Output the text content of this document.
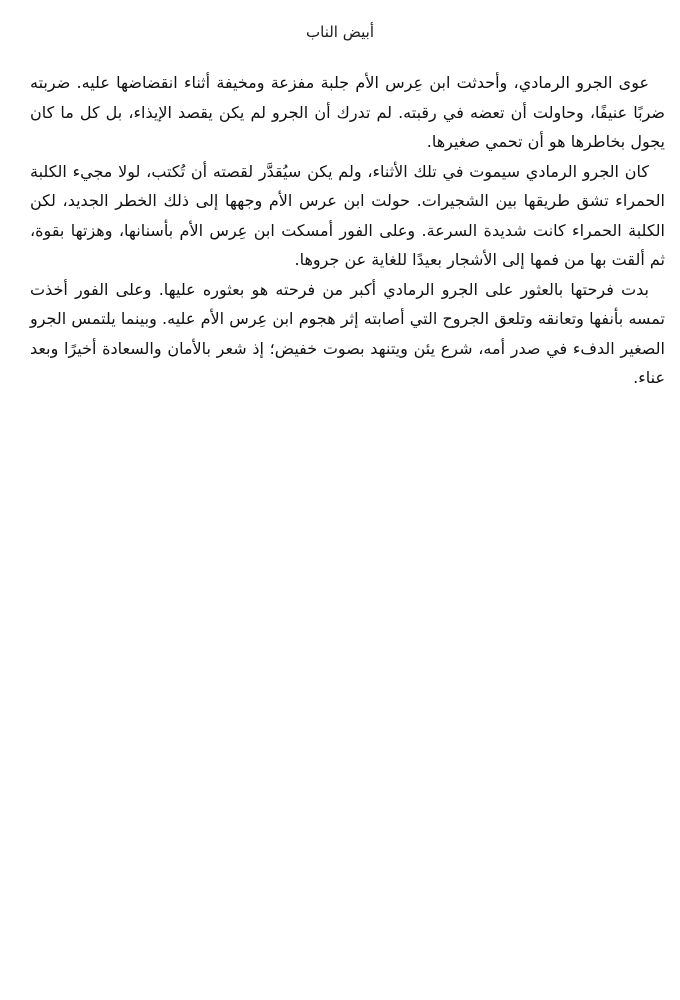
أبيض الناب

عوى الجرو الرمادي، وأحدثت ابن عِرس الأم جلبة مفزعة ومخيفة أثناء انقضاضها عليه. ضربته ضربًا عنيفًا، وحاولت أن تعضه في رقبته. لم تدرك أن الجرو لم يكن يقصد الإيذاء، بل كل ما كان يجول بخاطرها هو أن تحمي صغيرها.

كان الجرو الرمادي سيموت في تلك الأثناء، ولم يكن سيُقدَّر لقصته أن تُكتب، لولا مجيء الكلبة الحمراء تشق طريقها بين الشجيرات. حولت ابن عرس الأم وجهها إلى ذلك الخطر الجديد، لكن الكلبة الحمراء كانت شديدة السرعة. وعلى الفور أمسكت ابن عِرس الأم بأسنانها، وهزتها بقوة، ثم ألقت بها من فمها إلى الأشجار بعيدًا للغاية عن جروها.

بدت فرحتها بالعثور على الجرو الرمادي أكبر من فرحته هو بعثوره عليها. وعلى الفور أخذت تمسه بأنفها وتعانقه وتلعق الجروح التي أصابته إثر هجوم ابن عِرس الأم عليه. وبينما يلتمس الجرو الصغير الدفء في صدر أمه، شرع يئن ويتنهد بصوت خفيض؛ إذ شعر بالأمان والسعادة أخيرًا وبعد عناء.
